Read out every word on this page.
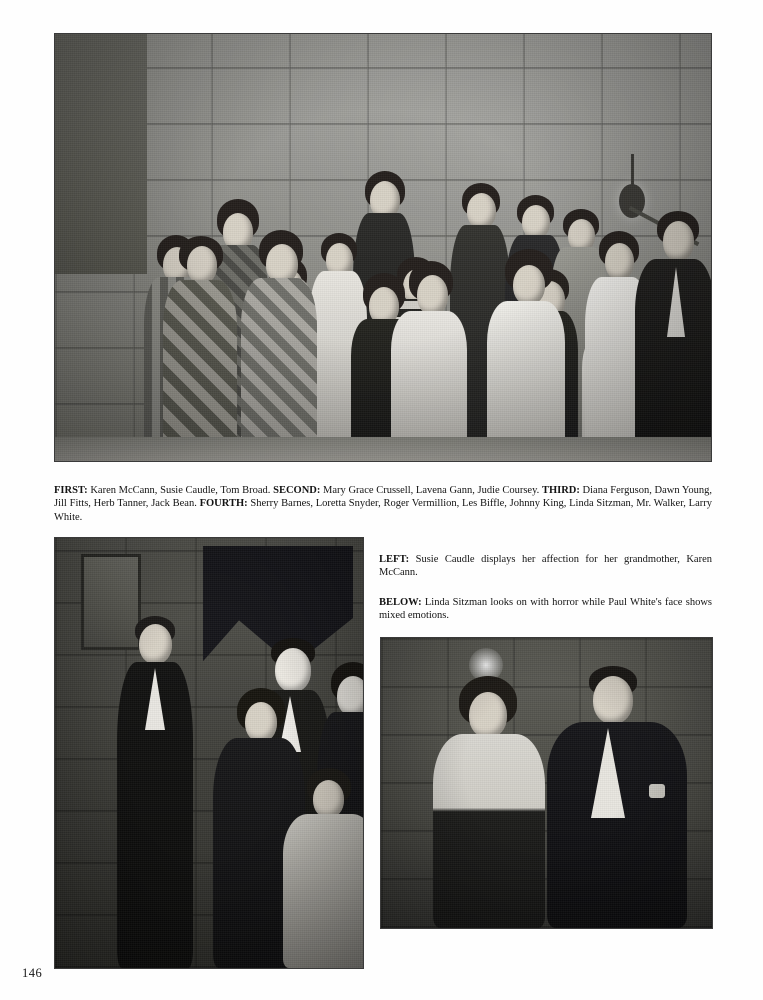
FIRST: Karen McCann, Susie Caudle, Tom Broad. SECOND: Mary Grace Crussell, Lavena Gann, Judie Coursey. THIRD: Diana Ferguson, Dawn Young, Jill Fitts, Herb Tanner, Jack Bean. FOURTH: Sherry Barnes, Loretta Snyder, Roger Vermillion, Les Biffle, Johnny King, Linda Sitzman, Mr. Walker, Larry White.
LEFT: Susie Caudle displays her affection for her grandmother, Karen McCann.
BELOW: Linda Sitzman looks on with horror while Paul White's face shows mixed emotions.
146
